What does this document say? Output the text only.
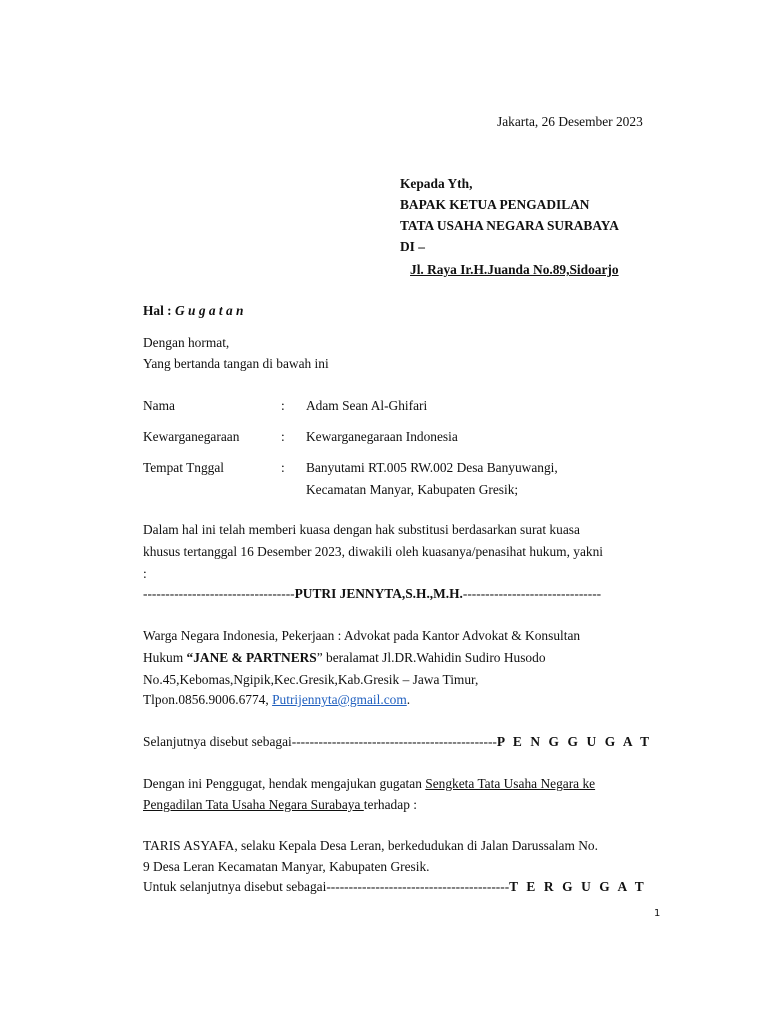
Jakarta, 26 Desember 2023
Kepada Yth,
BAPAK KETUA PENGADILAN
TATA USAHA NEGARA SURABAYA
DI –
Jl. Raya Ir.H.Juanda No.89,Sidoarjo
Hal : G u g a t a n
Dengan hormat,
Yang bertanda tangan di bawah ini
Nama	: Adam Sean Al-Ghifari
Kewarganegaraan	: Kewarganegaraan Indonesia
Tempat Tnggal	: Banyutami RT.005 RW.002 Desa Banyuwangi,
Kecamatan Manyar, Kabupaten Gresik;
Dalam hal ini telah memberi kuasa dengan hak substitusi berdasarkan surat kuasa
khusus tertanggal 16 Desember 2023, diwakili oleh kuasanya/penasihat hukum, yakni
:
----------------------------------PUTRI JENNYTA,S.H.,M.H.-------------------------------
Warga Negara Indonesia, Pekerjaan : Advokat pada Kantor Advokat & Konsultan
Hukum “JANE & PARTNERS” beralamat Jl.DR.Wahidin Sudiro Husodo
No.45,Kebomas,Ngipik,Kec.Gresik,Kab.Gresik – Jawa Timur,
Tlpon.0856.9006.6774, Putrijennyta@gmail.com.
Selanjutnya disebut sebagai----------------------------------------------P E N G G U G A T
Dengan ini Penggugat, hendak mengajukan gugatan Sengketa Tata Usaha Negara ke
Pengadilan Tata Usaha Negara Surabaya terhadap :
TARIS ASYAFA, selaku Kepala Desa Leran, berkedudukan di Jalan Darussalam No.
9 Desa Leran Kecamatan Manyar, Kabupaten Gresik.
Untuk selanjutnya disebut sebagai-----------------------------------------T E R G U G A T
1
